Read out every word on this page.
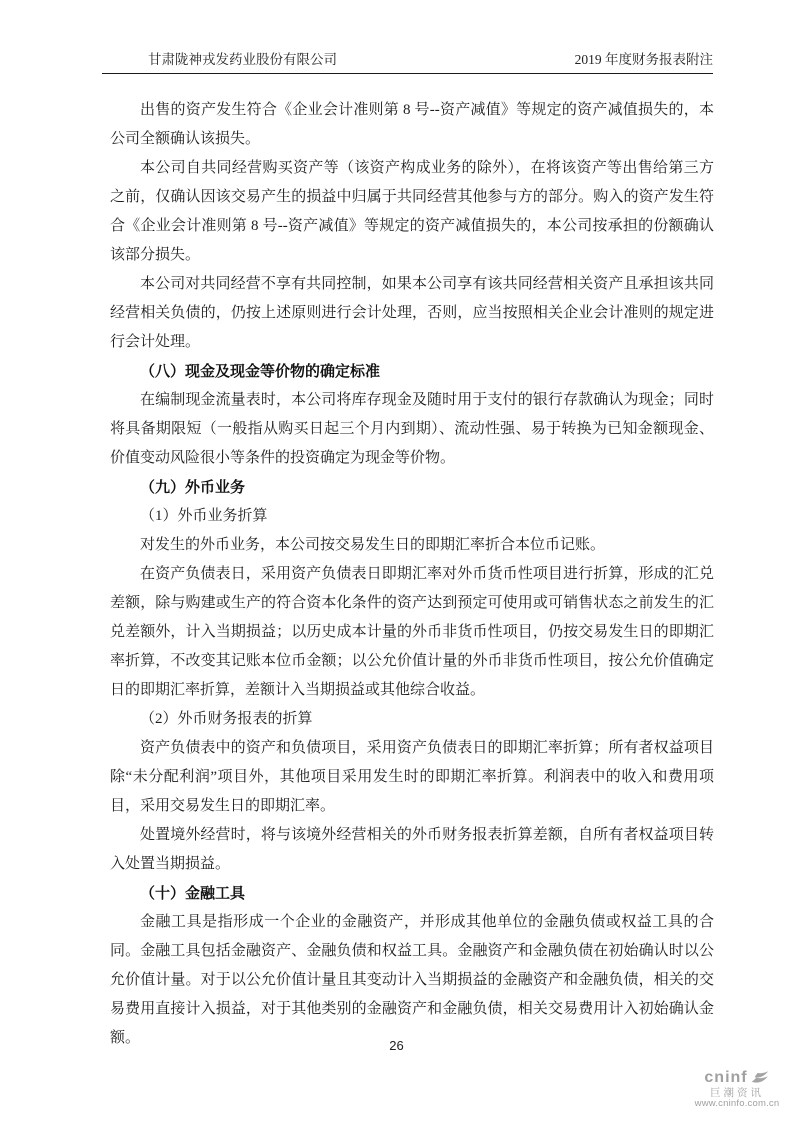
甘肃陇神戎发药业股份有限公司	2019 年度财务报表附注

出售的资产发生符合《企业会计准则第 8 号--资产减值》等规定的资产减值损失的，本公司全额确认该损失。

本公司自共同经营购买资产等（该资产构成业务的除外），在将该资产等出售给第三方之前，仅确认因该交易产生的损益中归属于共同经营其他参与方的部分。购入的资产发生符合《企业会计准则第 8 号--资产减值》等规定的资产减值损失的，本公司按承担的份额确认该部分损失。

本公司对共同经营不享有共同控制，如果本公司享有该共同经营相关资产且承担该共同经营相关负债的，仍按上述原则进行会计处理，否则，应当按照相关企业会计准则的规定进行会计处理。

（八）现金及现金等价物的确定标准

在编制现金流量表时，本公司将库存现金及随时用于支付的银行存款确认为现金；同时将具备期限短（一般指从购买日起三个月内到期）、流动性强、易于转换为已知金额现金、价值变动风险很小等条件的投资确定为现金等价物。

（九）外币业务

（1）外币业务折算

对发生的外币业务，本公司按交易发生日的即期汇率折合本位币记账。

在资产负债表日，采用资产负债表日即期汇率对外币货币性项目进行折算，形成的汇兑差额，除与购建或生产的符合资本化条件的资产达到预定可使用或可销售状态之前发生的汇兑差额外，计入当期损益；以历史成本计量的外币非货币性项目，仍按交易发生日的即期汇率折算，不改变其记账本位币金额；以公允价值计量的外币非货币性项目，按公允价值确定日的即期汇率折算，差额计入当期损益或其他综合收益。

（2）外币财务报表的折算

资产负债表中的资产和负债项目，采用资产负债表日的即期汇率折算；所有者权益项目除“未分配利润”项目外，其他项目采用发生时的即期汇率折算。利润表中的收入和费用项目，采用交易发生日的即期汇率。

处置境外经营时，将与该境外经营相关的外币财务报表折算差额，自所有者权益项目转入处置当期损益。

（十）金融工具

金融工具是指形成一个企业的金融资产，并形成其他单位的金融负债或权益工具的合同。金融工具包括金融资产、金融负债和权益工具。金融资产和金融负债在初始确认时以公允价值计量。对于以公允价值计量且其变动计入当期损益的金融资产和金融负债，相关的交易费用直接计入损益，对于其他类别的金融资产和金融负债，相关交易费用计入初始确认金额。	26
cninf
巨潮资讯
www.cninfo.com.cn
